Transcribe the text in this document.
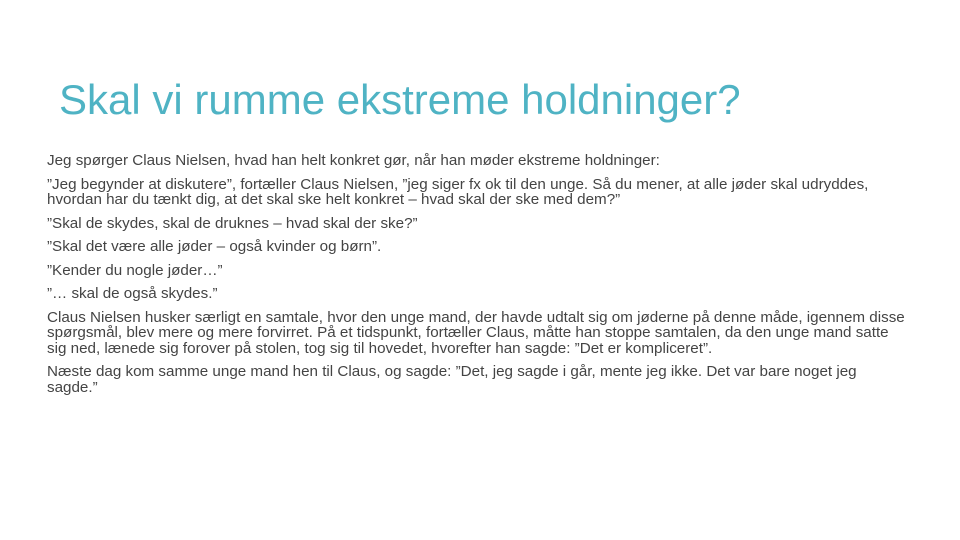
Skal vi rumme ekstreme holdninger?

Jeg spørger Claus Nielsen, hvad han helt konkret gør, når han møder ekstreme holdninger:

”Jeg begynder at diskutere”, fortæller Claus Nielsen, ”jeg siger fx ok til den unge. Så du mener, at alle jøder skal udryddes, hvordan har du tænkt dig, at det skal ske helt konkret – hvad skal der ske med dem?”

”Skal de skydes, skal de druknes – hvad skal der ske?”

”Skal det være alle jøder – også kvinder og børn”.

”Kender du nogle jøder…”

”… skal de også skydes.”

Claus Nielsen husker særligt en samtale, hvor den unge mand, der havde udtalt sig om jøderne på denne måde, igennem disse spørgsmål, blev mere og mere forvirret. På et tidspunkt, fortæller Claus, måtte han stoppe samtalen, da den unge mand satte sig ned, lænede sig forover på stolen, tog sig til hovedet, hvorefter han sagde: ”Det er kompliceret”.

Næste dag kom samme unge mand hen til Claus, og sagde: ”Det, jeg sagde i går, mente jeg ikke. Det var bare noget jeg sagde.”
